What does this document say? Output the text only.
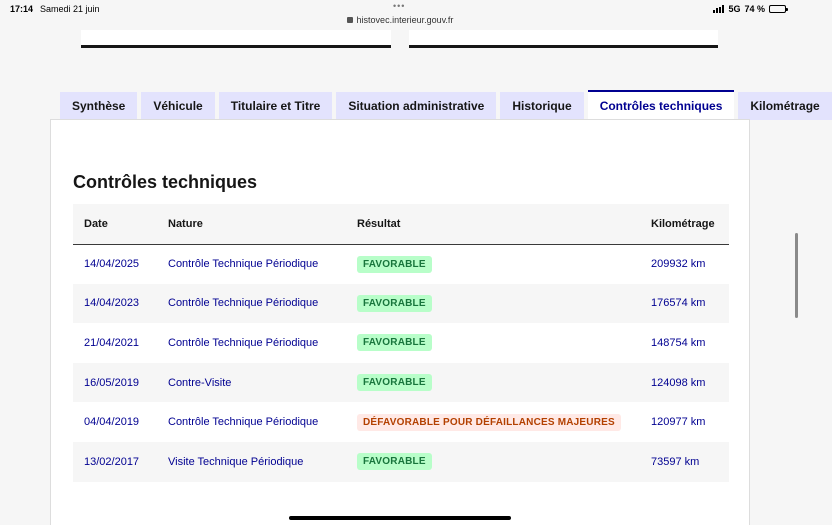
17:14 Samedi 21 juin	•••
histovec.interieur.gouv.fr
5G 74 %
Synthèse	Véhicule	Titulaire et Titre	Situation administrative	Historique	Contrôles techniques	Kilométrage
Contrôles techniques
Date	Nature	Résultat	Kilométrage
14/04/2025	Contrôle Technique Périodique	FAVORABLE	209932 km
14/04/2023	Contrôle Technique Périodique	FAVORABLE	176574 km
21/04/2021	Contrôle Technique Périodique	FAVORABLE	148754 km
16/05/2019	Contre-Visite	FAVORABLE	124098 km
04/04/2019	Contrôle Technique Périodique	DÉFAVORABLE POUR DÉFAILLANCES MAJEURES	120977 km
13/02/2017	Visite Technique Périodique	FAVORABLE	73597 km
